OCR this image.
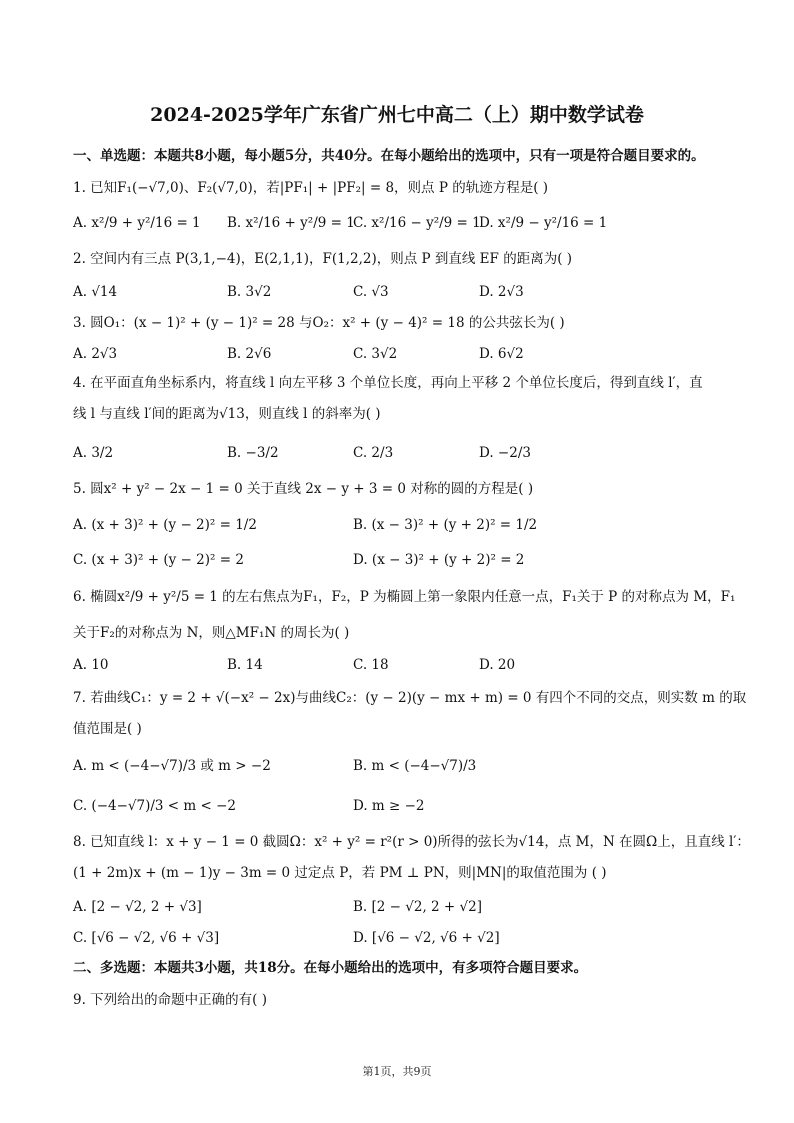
2024-2025学年广东省广州七中高二（上）期中数学试卷
一、单选题：本题共8小题，每小题5分，共40分。在每小题给出的选项中，只有一项是符合题目要求的。
1. 已知F₁(−√7,0)、F₂(√7,0)，若|PF₁| + |PF₂| = 8，则点 P 的轨迹方程是( )
A. x²/9 + y²/16 = 1 B. x²/16 + y²/9 = 1
C. x²/16 − y²/9 = 1
D. x²/9 − y²/16 = 1
2. 空间内有三点 P(3,1,−4)，E(2,1,1)，F(1,2,2)，则点 P 到直线 EF 的距离为( )
A. √14	B. 3√2	C. √3	D. 2√3
3. 圆O₁：(x − 1)² + (y − 1)² = 28 与O₂：x² + (y − 4)² = 18 的公共弦长为( )
A. 2√3	B. 2√6	C. 3√2	D. 6√2
4. 在平面直角坐标系内，将直线 l 向左平移 3 个单位长度，再向上平移 2 个单位长度后，得到直线 l′，直
线 l 与直线 l′间的距离为√13，则直线 l 的斜率为( )
A. 3/2	B. −3/2	C. 2/3	D. −2/3
5. 圆x² + y² − 2x − 1 = 0 关于直线 2x − y + 3 = 0 对称的圆的方程是( )
A. (x + 3)² + (y − 2)² = 1/2	B. (x − 3)² + (y + 2)² = 1/2
C. (x + 3)² + (y − 2)² = 2	D. (x − 3)² + (y + 2)² = 2
6. 椭圆x²/9 + y²/5 = 1 的左右焦点为F₁，F₂，P 为椭圆上第一象限内任意一点，F₁关于 P 的对称点为 M，F₁
关于F₂的对称点为 N，则△MF₁N 的周长为( )
A. 10	B. 14	C. 18	D. 20
7. 若曲线C₁：y = 2 + √(−x² − 2x)与曲线C₂：(y − 2)(y − mx + m) = 0 有四个不同的交点，则实数 m 的取
值范围是( )
A. m < (−4−√7)/3 或 m > −2	B. m < (−4−√7)/3
C. (−4−√7)/3 < m < −2	D. m ≥ −2
8. 已知直线 l：x + y − 1 = 0 截圆Ω：x² + y² = r²(r > 0)所得的弦长为√14，点 M，N 在圆Ω上，且直线 l′：
(1 + 2m)x + (m − 1)y − 3m = 0 过定点 P，若 PM ⊥ PN，则|MN|的取值范围为 ( )
A. [2 − √2, 2 + √3]	B. [2 − √2, 2 + √2]
C. [√6 − √2, √6 + √3]	D. [√6 − √2, √6 + √2]
二、多选题：本题共3小题，共18分。在每小题给出的选项中，有多项符合题目要求。
9. 下列给出的命题中正确的有( )
第1页，共9页
